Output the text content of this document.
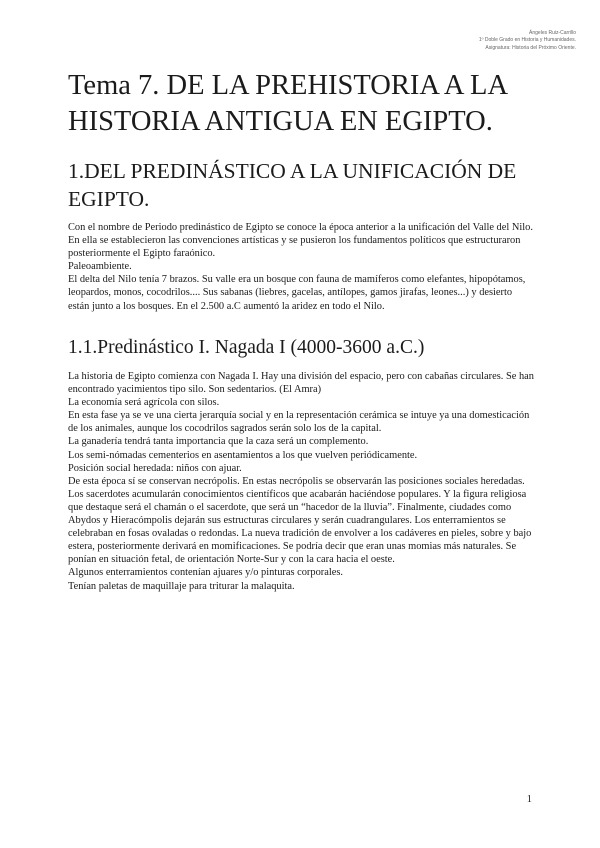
Ángeles Ruiz-Carrillo
1º Doble Grado en Historia y Humanidades.
Asignatura: Historia del Próximo Oriente.
Tema 7. DE LA PREHISTORIA A LA
HISTORIA ANTIGUA EN EGIPTO.
1.DEL PREDINÁSTICO A LA UNIFICACIÓN DE
EGIPTO.

Con el nombre de Periodo predinástico de Egipto se conoce la época anterior a la unificación del Valle del Nilo. En ella se establecieron las convenciones artísticas y se pusieron los fundamentos políticos que estructuraron posteriormente el Egipto faraónico.

Paleoambiente.

El delta del Nilo tenía 7 brazos. Su valle era un bosque con fauna de mamíferos como elefantes, hipopótamos, leopardos, monos, cocodrilos.... Sus sabanas (liebres, gacelas, antílopes, gamos jirafas, leones...) y desierto están junto a los bosques. En el 2.500 a.C aumentó la aridez en todo el Nilo.

1.1.Predinástico I. Nagada I (4000-3600 a.C.)

La historia de Egipto comienza con Nagada I. Hay una división del espacio, pero con cabañas circulares. Se han encontrado yacimientos tipo silo. Son sedentarios. (El Amra)

La economía será agrícola con silos.

En esta fase ya se ve una cierta jerarquía social y en la representación cerámica se intuye ya una domesticación de los animales, aunque los cocodrilos sagrados serán solo los de la capital.

La ganadería tendrá tanta importancia que la caza será un complemento.

Los semi-nómadas cementerios en asentamientos a los que vuelven periódicamente.

Posición social heredada: niños con ajuar.

De esta época sí se conservan necrópolis. En estas necrópolis se observarán las posiciones sociales heredadas.

Los sacerdotes acumularán conocimientos científicos que acabarán haciéndose populares. Y la figura religiosa que destaque será el chamán o el sacerdote, que será un “hacedor de la lluvia”. Finalmente, ciudades como Abydos y Hieracómpolis dejarán sus estructuras circulares y serán cuadrangulares. Los enterramientos se celebraban en fosas ovaladas o redondas. La nueva tradición de envolver a los cadáveres en pieles, sobre y bajo estera, posteriormente derivará en momificaciones. Se podría decir que eran unas momias más naturales. Se ponían en situación fetal, de orientación Norte-Sur y con la cara hacia el oeste.

Algunos enterramientos contenían ajuares y/o pinturas corporales.

Tenían paletas de maquillaje para triturar la malaquita.

1
